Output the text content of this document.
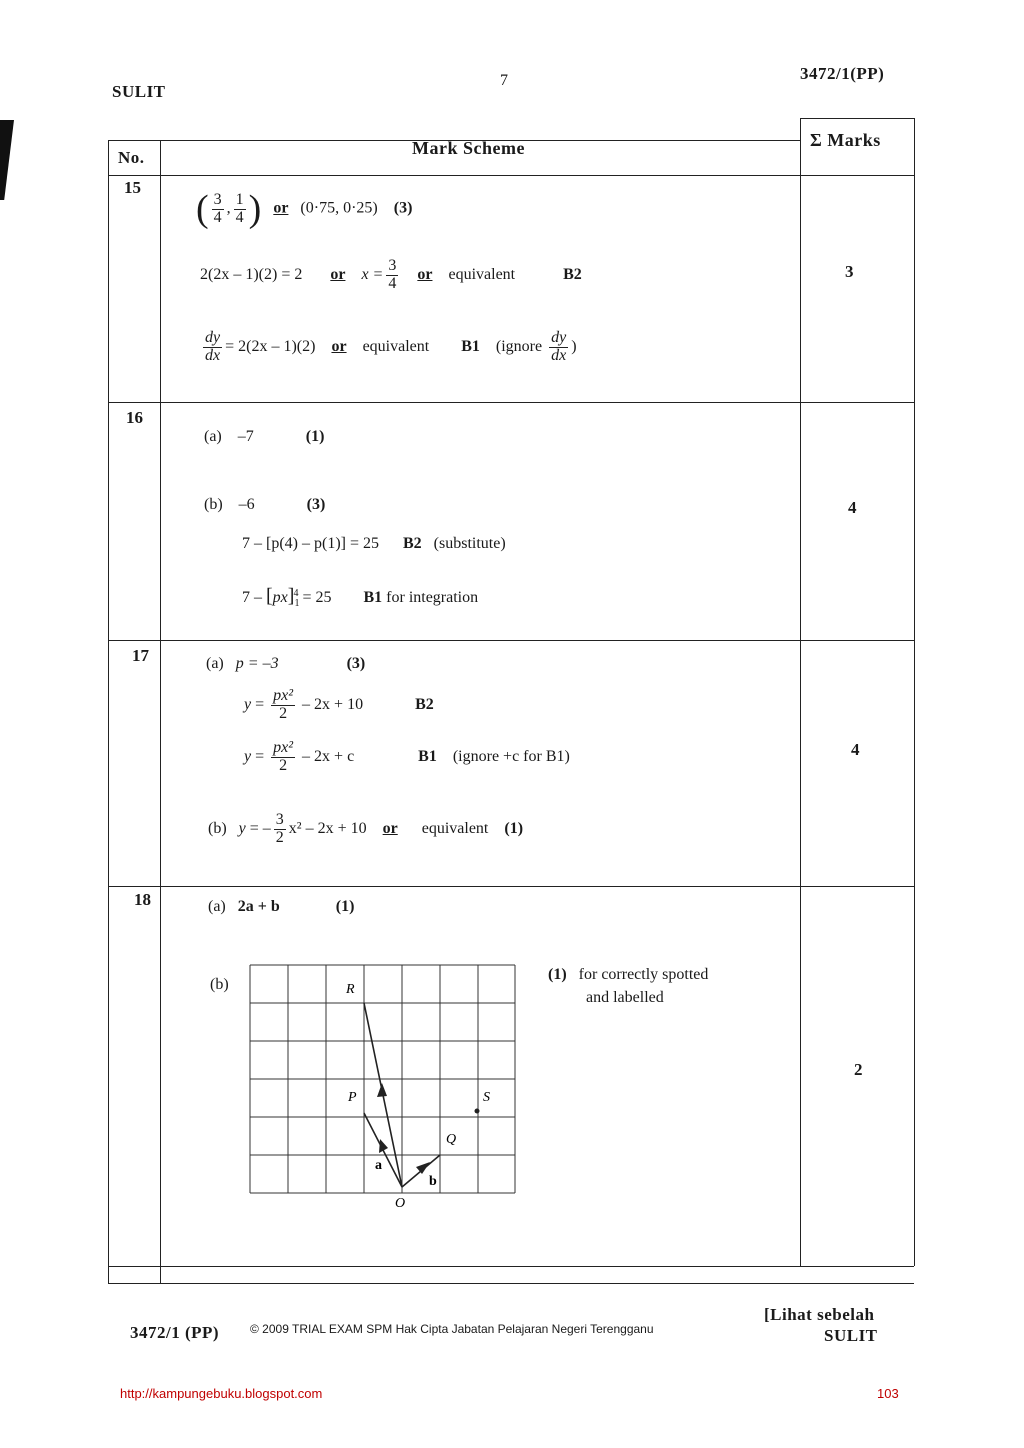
SULIT
7	3472/1(PP)
No.	Mark Scheme	Σ Marks
15
( $\frac{3}{4}$ , $\frac{1}{4}$ ) or (0·75, 0·25) (3)
2(2x – 1)(2) = 2 or $x = \frac{3}{4}$ or equivalent	B2
$\frac{dy}{dx} = 2(2x - 1)(2)$ or equivalent B1 (ignore $\frac{dy}{dx}$ )
3
16
(a) –7	(1)
(b) –6	(3)
7 – [p(4) – p(1)] = 25 B2 (substitute)
$7 - [px]_1^4 = 25$ B1 for integration
4
17	(a) p = –3	(3)
$y = \frac{\text{px²}}{2} - 2x + 10$	B2
$y = \frac{\text{px²}}{2} - 2x + c$	B1 (ignore +c for B1)
(b) y = – $\frac{3}{2} x^2 - 2x + 10$ or equivalent (1)
4
18	(a) 2a + b	(1)
(b)
(1) for correctly spotted
and labelled
R
P	S
Q
O
a
b
2
3472/1 (PP)	© 2009 TRIAL EXAM SPM Hak Cipta Jabatan Pelajaran Negeri Terengganu
[Lihat sebelah
SULIT
http://kampungebuku.blogspot.com	103
